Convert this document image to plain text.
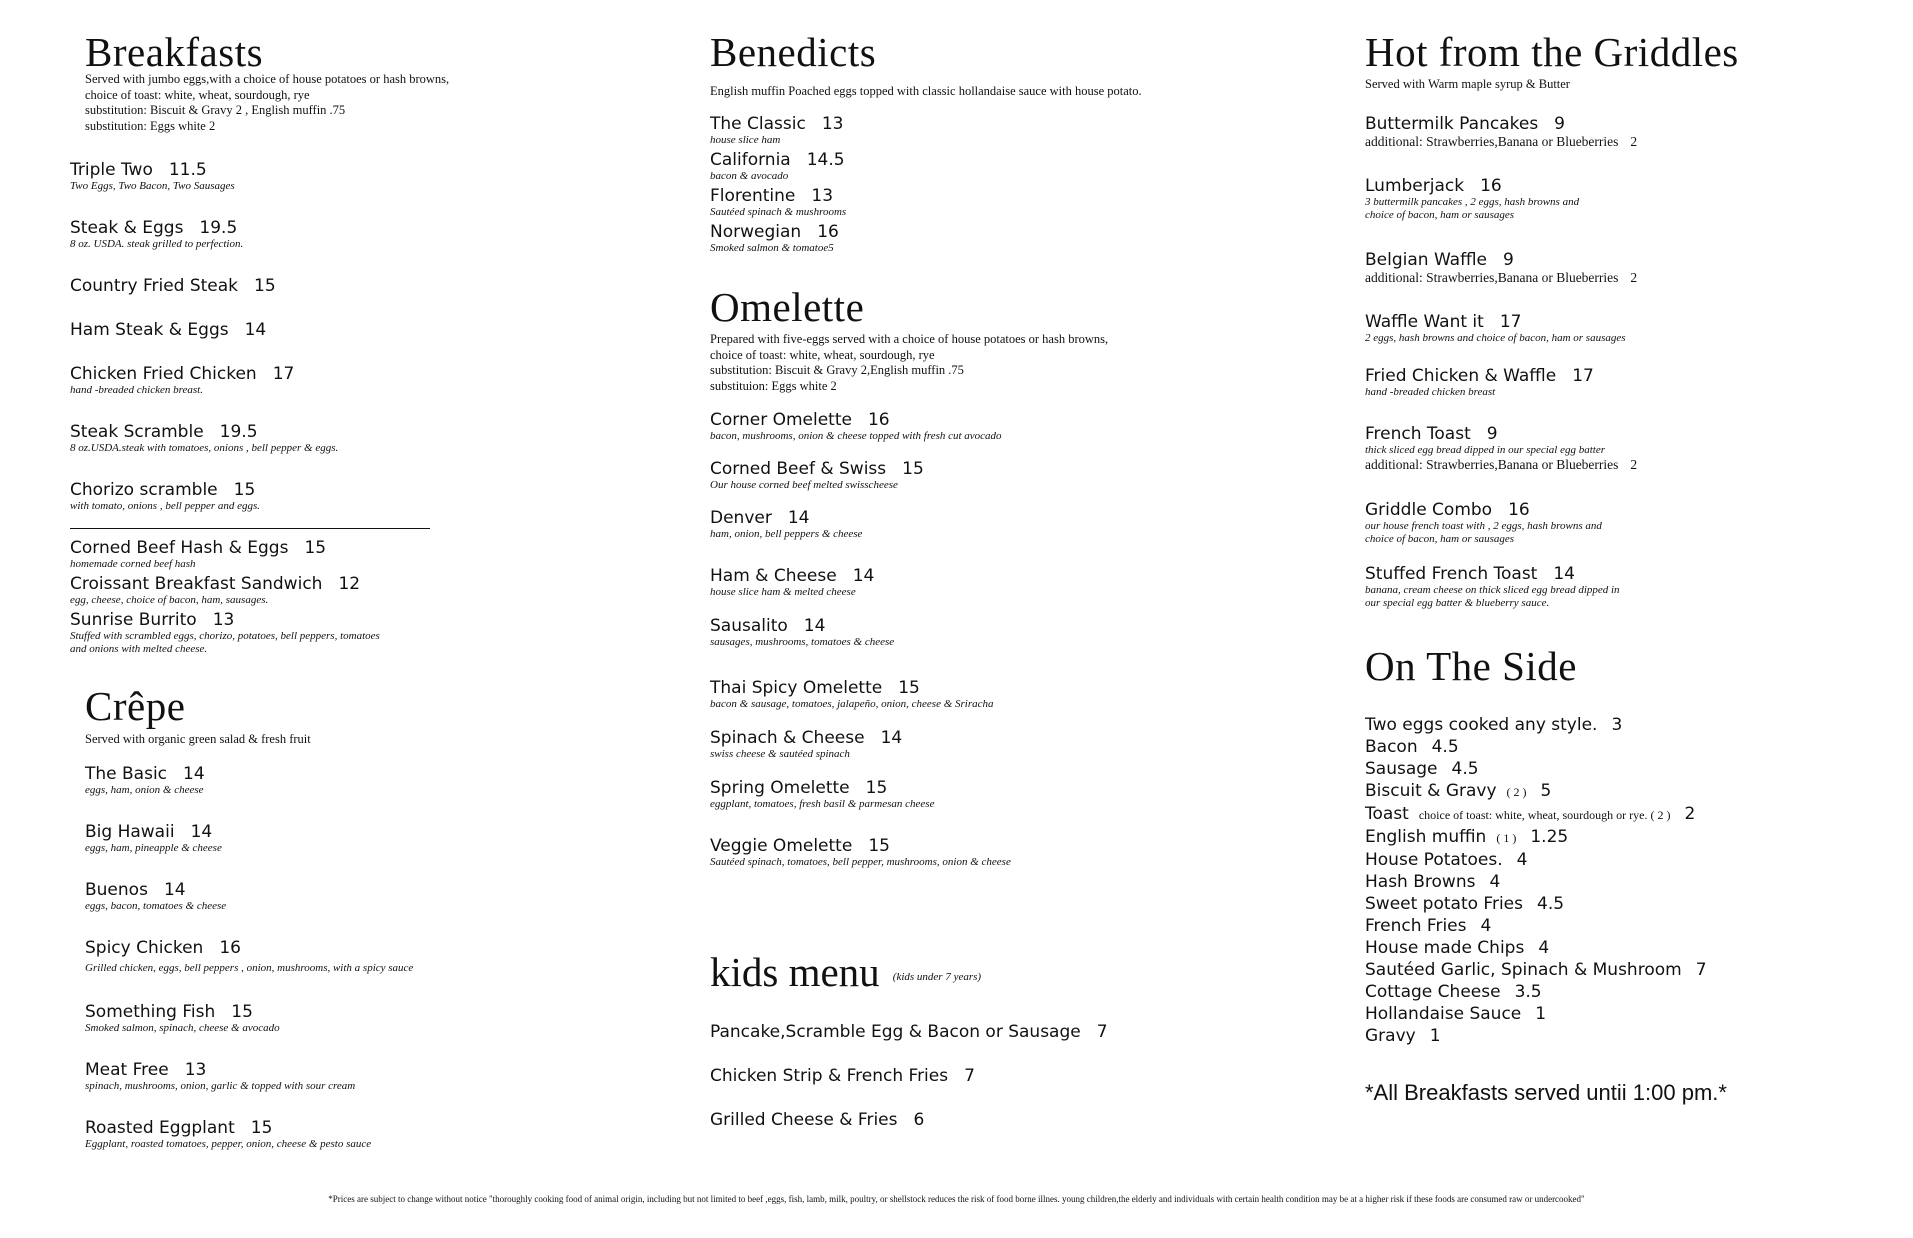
Breakfasts
Served with jumbo eggs,with a choice of house potatoes or hash browns,
choice of toast: white, wheat, sourdough, rye
substitution: Biscuit & Gravy 2 , English muffin .75
substitution: Eggs white 2
Triple Two 11.5
Two Eggs, Two Bacon, Two Sausages
Steak & Eggs 19.5
8 oz. USDA. steak grilled to perfection.
Country Fried Steak 15
Ham Steak & Eggs 14
Chicken Fried Chicken 17
hand -breaded chicken breast.
Steak Scramble 19.5
8 oz.USDA.steak with tomatoes, onions , bell pepper & eggs.
Chorizo scramble 15
with tomato, onions , bell pepper and eggs.
Corned Beef Hash & Eggs 15
homemade corned beef hash
Croissant Breakfast Sandwich 12
egg, cheese, choice of bacon, ham, sausages.
Sunrise Burrito 13
Stuffed with scrambled eggs, chorizo, potatoes, bell peppers, tomatoes
and onions with melted cheese.
Crêpe
Served with organic green salad & fresh fruit
The Basic 14
eggs, ham, onion & cheese
Big Hawaii 14
eggs, ham, pineapple & cheese
Buenos 14
eggs, bacon, tomatoes & cheese
Spicy Chicken 16
Grilled chicken, eggs, bell peppers , onion, mushrooms, with a spicy sauce
Something Fish 15
Smoked salmon, spinach, cheese & avocado
Meat Free 13
spinach, mushrooms, onion, garlic & topped with sour cream
Roasted Eggplant 15
Eggplant, roasted tomatoes, pepper, onion, cheese & pesto sauce
Benedicts
English muffin Poached eggs topped with classic hollandaise sauce with house potato.
The Classic 13
house slice ham
California 14.5
bacon & avocado
Florentine 13
Sautéed spinach & mushrooms
Norwegian 16
Smoked salmon & tomatoe5
Omelette
Prepared with five-eggs served with a choice of house potatoes or hash browns,
choice of toast: white, wheat, sourdough, rye
substitution: Biscuit & Gravy 2,English muffin .75
substituion: Eggs white 2
Corner Omelette 16
bacon, mushrooms, onion & cheese topped with fresh cut avocado
Corned Beef & Swiss 15
Our house corned beef melted swisscheese
Denver 14
ham, onion, bell peppers & cheese
Ham & Cheese 14
house slice ham & melted cheese
Sausalito 14
sausages, mushrooms, tomatoes & cheese
Thai Spicy Omelette 15
bacon & sausage, tomatoes, jalapeño, onion, cheese & Sriracha
Spinach & Cheese 14
swiss cheese & sautéed spinach
Spring Omelette 15
eggplant, tomatoes, fresh basil & parmesan cheese
Veggie Omelette 15
Sautéed spinach, tomatoes, bell pepper, mushrooms, onion & cheese
kids menu $^{(kids under 7 years)}$
Pancake,Scramble Egg & Bacon or Sausage 7
Chicken Strip & French Fries 7
Grilled Cheese & Fries 6
Hot from the Griddles
Served with Warm maple syrup & Butter
Buttermilk Pancakes 9
additional: Strawberries,Banana or Blueberries 2
Lumberjack 16
3 buttermilk pancakes , 2 eggs, hash browns and
choice of bacon, ham or sausages
Belgian Waffle 9
additional: Strawberries,Banana or Blueberries 2
Waffle Want it 17
2 eggs, hash browns and choice of bacon, ham or sausages
Fried Chicken & Waffle 17
hand -breaded chicken breast
French Toast 9
thick sliced egg bread dipped in our special egg batter
additional: Strawberries,Banana or Blueberries 2
Griddle Combo 16
our house french toast with , 2 eggs, hash browns and
choice of bacon, ham or sausages
Stuffed French Toast 14
banana, cream cheese on thick sliced egg bread dipped in
our special egg batter & blueberry sauce.
On The Side
Two eggs cooked any style. 3
Bacon 4.5
Sausage 4.5
Biscuit & Gravy ( 2 ) 5
Toast choice of toast: white, wheat, sourdough or rye. ( 2 ) 2
English muffin ( 1 ) 1.25
House Potatoes. 4
Hash Browns 4
Sweet potato Fries 4.5
French Fries 4
House made Chips 4
Sautéed Garlic, Spinach & Mushroom 7
Cottage Cheese 3.5
Hollandaise Sauce 1
Gravy 1
*All Breakfasts served untii 1:00 pm.*
*Prices are subject to change without notice "thoroughly cooking food of animal origin, including but not limited to beef ,eggs, fish, lamb, milk, poultry, or shellstock reduces the risk of food borne illnes. young children,the elderly and individuals with certain health condition may be at a higher risk if these foods are consumed raw or undercooked"
